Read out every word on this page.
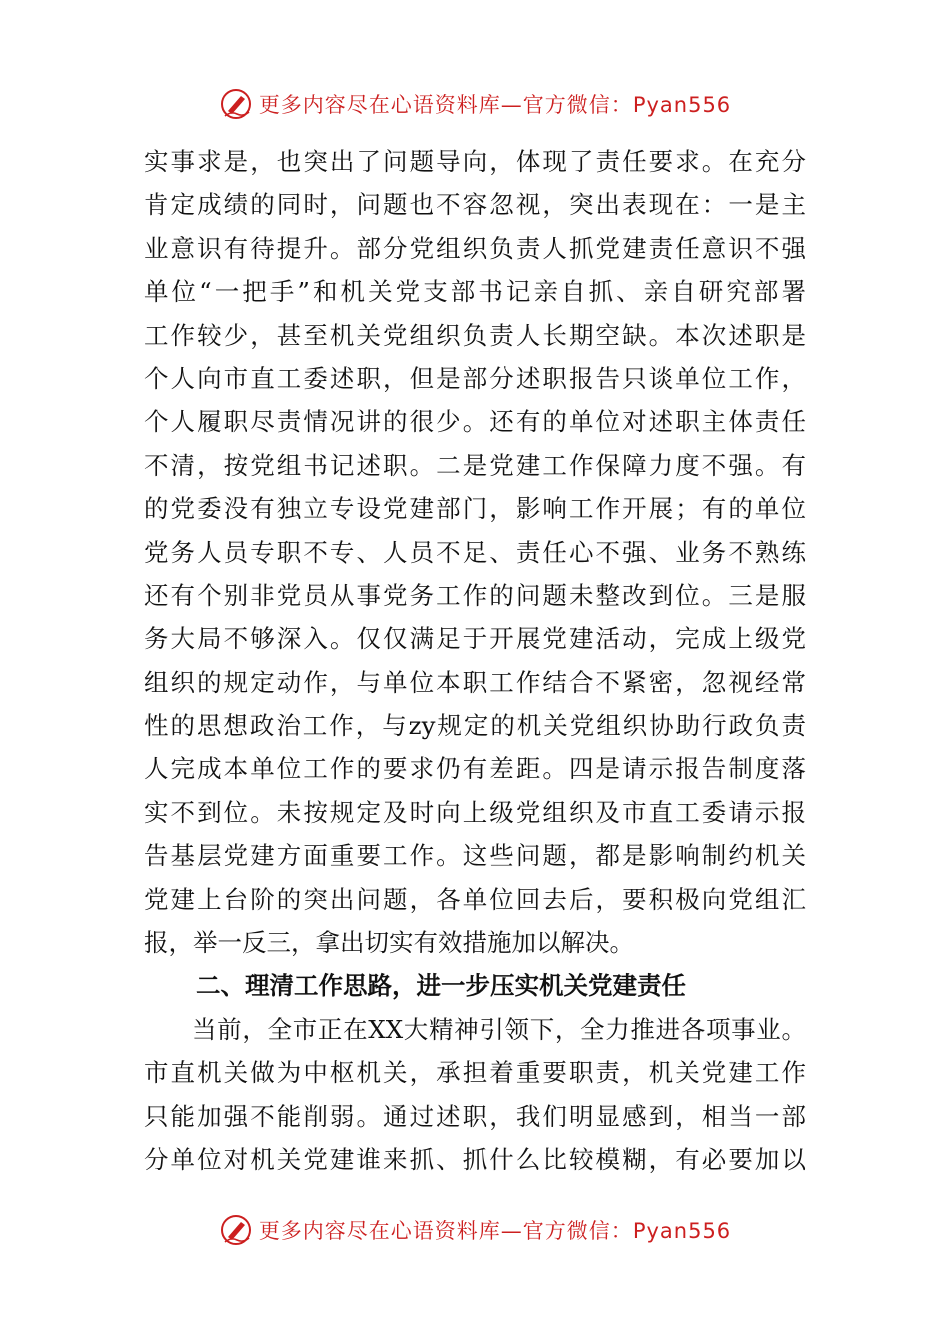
更多内容尽在心语资料库—官方微信：Pyan556
实事求是，也突出了问题导向，体现了责任要求。在充分
肯定成绩的同时，问题也不容忽视，突出表现在：一是主
业意识有待提升。部分党组织负责人抓党建责任意识不强
单位“一把手”和机关党支部书记亲自抓、亲自研究部署
工作较少，甚至机关党组织负责人长期空缺。本次述职是
个人向市直工委述职，但是部分述职报告只谈单位工作，
个人履职尽责情况讲的很少。还有的单位对述职主体责任
不清，按党组书记述职。二是党建工作保障力度不强。有
的党委没有独立专设党建部门，影响工作开展；有的单位
党务人员专职不专、人员不足、责任心不强、业务不熟练
还有个别非党员从事党务工作的问题未整改到位。三是服
务大局不够深入。仅仅满足于开展党建活动，完成上级党
组织的规定动作，与单位本职工作结合不紧密，忽视经常
性的思想政治工作，与zy规定的机关党组织协助行政负责
人完成本单位工作的要求仍有差距。四是请示报告制度落
实不到位。未按规定及时向上级党组织及市直工委请示报
告基层党建方面重要工作。这些问题，都是影响制约机关
党建上台阶的突出问题，各单位回去后，要积极向党组汇
报，举一反三，拿出切实有效措施加以解决。
二、理清工作思路，进一步压实机关党建责任
当前，全市正在XX大精神引领下，全力推进各项事业。
市直机关做为中枢机关，承担着重要职责，机关党建工作
只能加强不能削弱。通过述职，我们明显感到，相当一部
分单位对机关党建谁来抓、抓什么比较模糊，有必要加以
更多内容尽在心语资料库—官方微信：Pyan556
